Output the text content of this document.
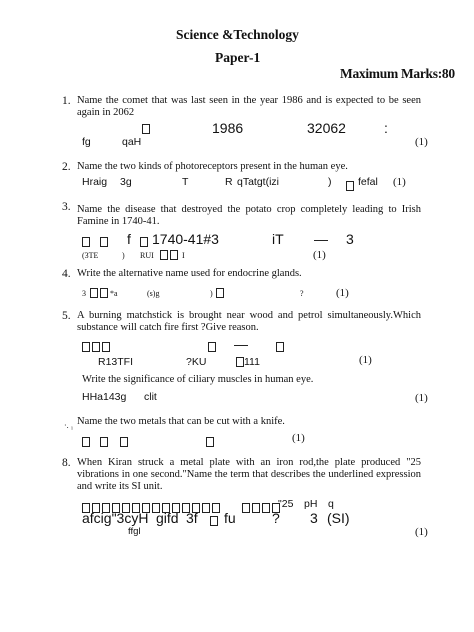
Science &Technology
Paper-1
Maximum Marks:80
1. Name the comet that was last seen in the year 1986 and is expected to be seen again in 2062
1986	32062	:
fg	qaH	(1)
2. Name the two kinds of photoreceptors present in the human eye.
Hraig 3g	T	R qTatgt(izi	)	fefal (1)
3. Name the disease that destroyed the potato crop completely leading to Irish Famine in 1740-41.
f 1740-41#3	iT — 3
(3TE	) RUI	I	(1)
4. Write the alternative name used for endocrine glands.
3	*a	(s)g	)	?	(1)
5. A burning matchstick is brought near wood and petrol simultaneously.Which substance will catch fire first ?Give reason.
—
R13TFI	?KU	111	(1)
Write the significance of ciliary muscles in human eye.
HHa143g clit	(1)
·. ₁ Name the two metals that can be cut with a knife.
(1)
8. When Kiran struck a metal plate with an iron rod,the plate produced "25 vibrations in one second."Name the term that describes the underlined expression and write its SI unit.
"25 pH q
afcig"3cyH gifd 3f fu	? 3 (SI)
ffgl	(1)
